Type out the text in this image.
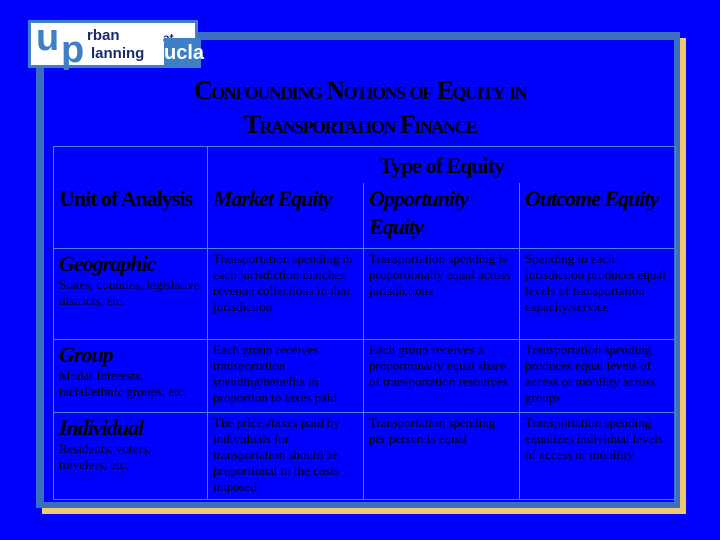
u p rban
lanning ucla
Confounding Notions of Equity in
Transportation Finance
	Type of Equity		
Unit of Analysis	Market Equity	Opportunity Equity	Outcome Equity

Geographic
States, counties, legislative districts, etc.	Transportation spending in each jurisdiction matches revenue collections in that jurisdiction	Transportation spending is proportionally equal across jurisdictions	Spending in each jurisdiction produces equal levels of transportation capacity/service

Group
Modal Interests, racial/ethnic groups, etc.	Each group receives transportation spending/benefits in proportion to taxes paid	Each group receives a proportionally equal share of transportation resources	Transportation spending produces equal levels of access or mobility across groups

Individual
Residents, voters, travelers, etc.	The prices/taxes paid by individuals for transportation should be proportional to the costs imposed	Transportation spending per person is equal	Transportation spending equalizes individual levels of access or mobility
